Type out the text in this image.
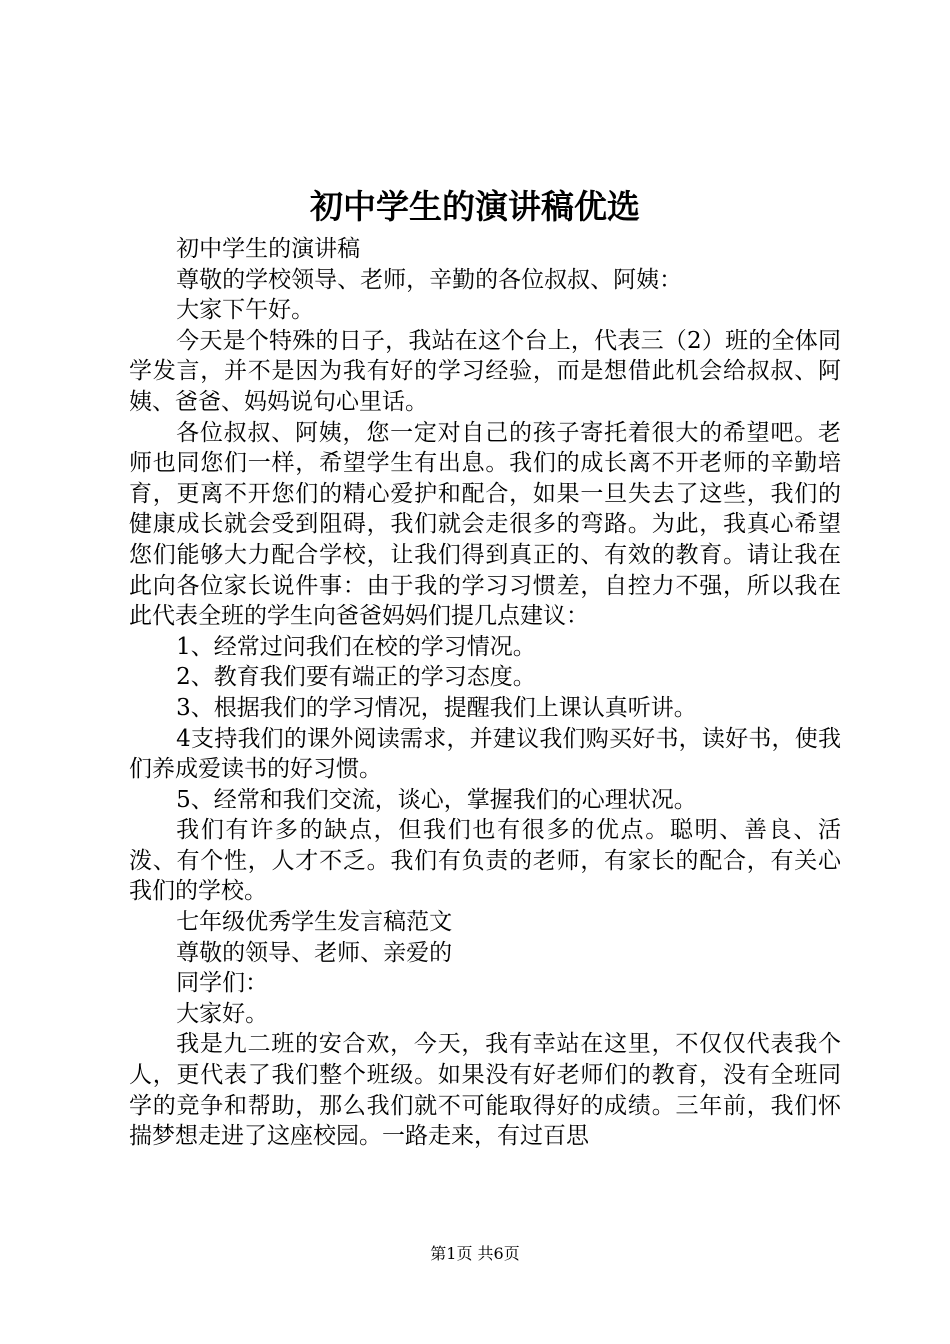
初中学生的演讲稿优选

初中学生的演讲稿

尊敬的学校领导、老师，辛勤的各位叔叔、阿姨：

大家下午好。

今天是个特殊的日子，我站在这个台上，代表三（2）班的全体同学发言，并不是因为我有好的学习经验，而是想借此机会给叔叔、阿姨、爸爸、妈妈说句心里话。

各位叔叔、阿姨，您一定对自己的孩子寄托着很大的希望吧。老师也同您们一样，希望学生有出息。我们的成长离不开老师的辛勤培育，更离不开您们的精心爱护和配合，如果一旦失去了这些，我们的健康成长就会受到阻碍，我们就会走很多的弯路。为此，我真心希望您们能够大力配合学校，让我们得到真正的、有效的教育。请让我在此向各位家长说件事：由于我的学习习惯差，自控力不强，所以我在此代表全班的学生向爸爸妈妈们提几点建议：

1、经常过问我们在校的学习情况。

2、教育我们要有端正的学习态度。

3、根据我们的学习情况，提醒我们上课认真听讲。

4支持我们的课外阅读需求，并建议我们购买好书，读好书，使我们养成爱读书的好习惯。

5、经常和我们交流，谈心，掌握我们的心理状况。

我们有许多的缺点，但我们也有很多的优点。聪明、善良、活泼、有个性，人才不乏。我们有负责的老师，有家长的配合，有关心我们的学校。

七年级优秀学生发言稿范文

尊敬的领导、老师、亲爱的

同学们：

大家好。

我是九二班的安合欢，今天，我有幸站在这里，不仅仅代表我个人，更代表了我们整个班级。如果没有好老师们的教育，没有全班同学的竞争和帮助，那么我们就不可能取得好的成绩。三年前，我们怀揣梦想走进了这座校园。一路走来，有过百思

第1页 共6页
